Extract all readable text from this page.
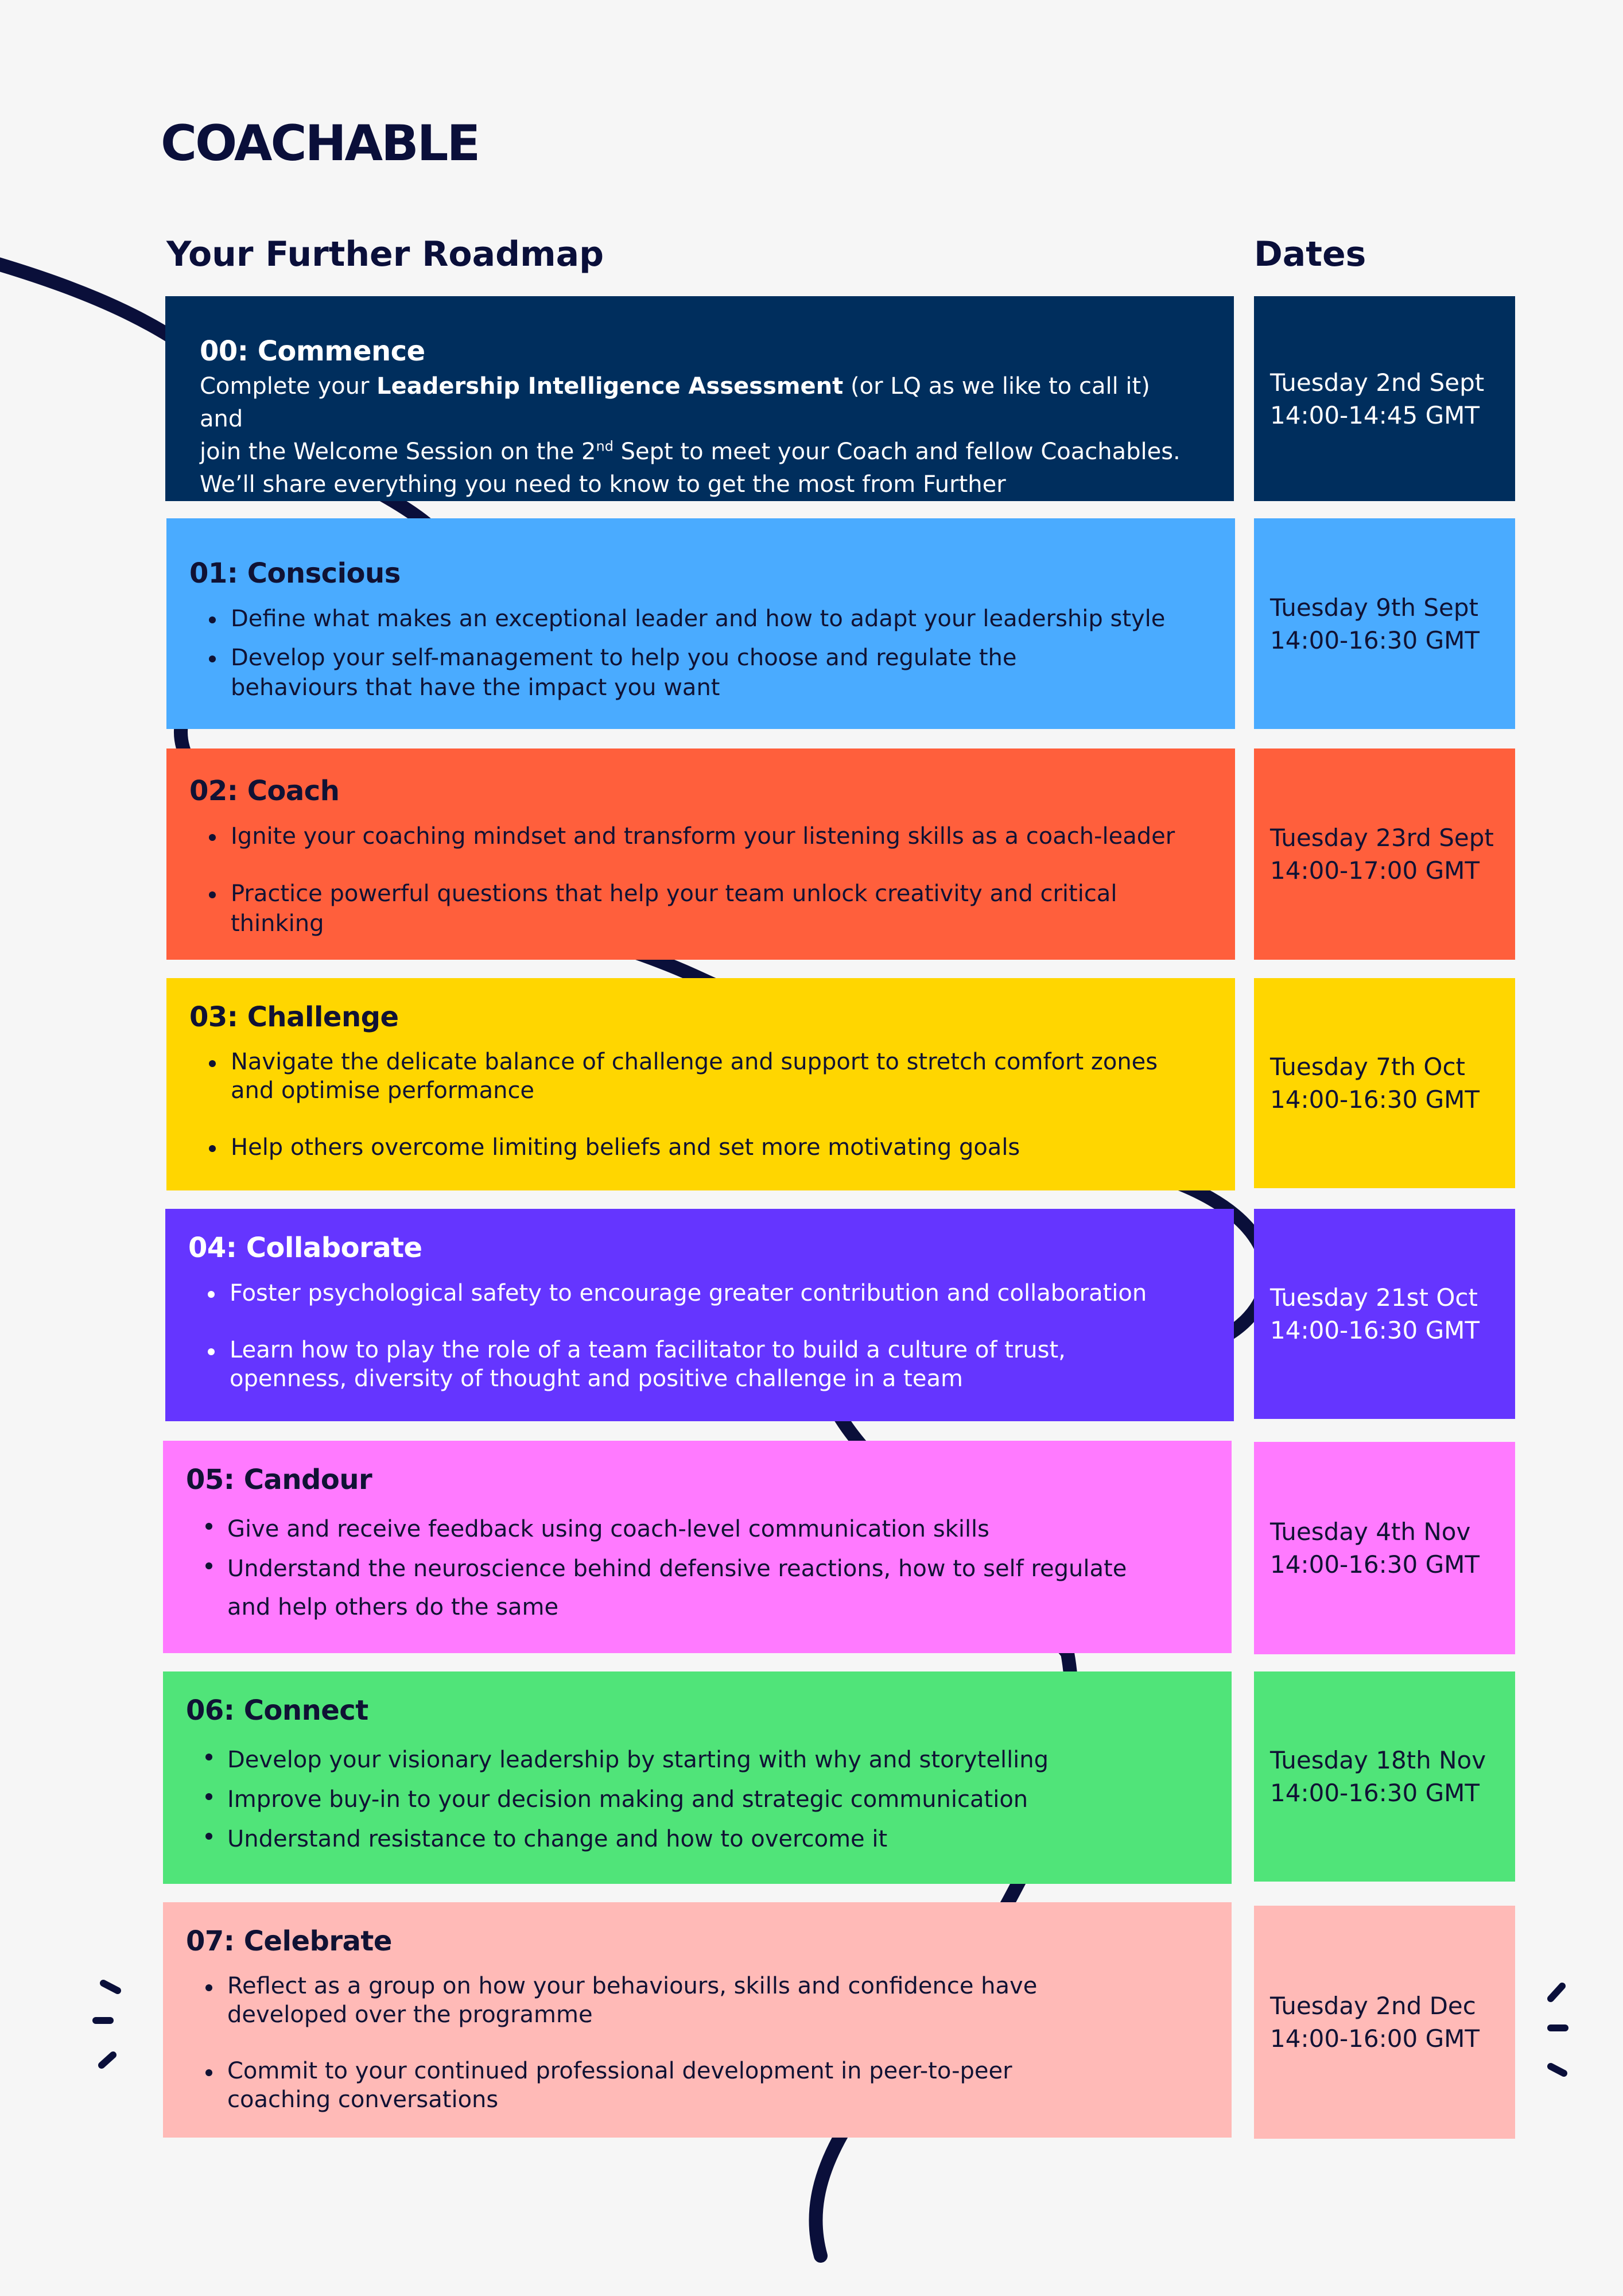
COACHABLE
Your Further Roadmap	Dates
00: Commence

Complete your Leadership Intelligence Assessment (or LQ as we like to call it) and
join the Welcome Session on the 2nd Sept to meet your Coach and fellow Coachables.
We’ll share everything you need to know to get the most from Further

Tuesday 2nd Sept
14:00-14:45 GMT
01: Conscious
Define what makes an exceptional leader and how to adapt your leadership style
Develop your self-management to help you choose and regulate the behaviours that have the impact you want
Tuesday 9th Sept
14:00-16:30 GMT
02: Coach
Ignite your coaching mindset and transform your listening skills as a coach-leader
Practice powerful questions that help your team unlock creativity and critical thinking
Tuesday 23rd Sept
14:00-17:00 GMT
03: Challenge
Navigate the delicate balance of challenge and support to stretch comfort zones and optimise performance
Help others overcome limiting beliefs and set more motivating goals
Tuesday 7th Oct
14:00-16:30 GMT
04: Collaborate
Foster psychological safety to encourage greater contribution and collaboration
Learn how to play the role of a team facilitator to build a culture of trust, openness, diversity of thought and positive challenge in a team
Tuesday 21st Oct
14:00-16:30 GMT
05: Candour
Give and receive feedback using coach-level communication skills
Understand the neuroscience behind defensive reactions, how to self regulate and help others do the same
Tuesday 4th Nov
14:00-16:30 GMT
06: Connect
Develop your visionary leadership by starting with why and storytelling
Improve buy-in to your decision making and strategic communication
Understand resistance to change and how to overcome it
Tuesday 18th Nov
14:00-16:30 GMT
07: Celebrate
Reflect as a group on how your behaviours, skills and confidence have developed over the programme
Commit to your continued professional development in peer-to-peer coaching conversations
Tuesday 2nd Dec
14:00-16:00 GMT
